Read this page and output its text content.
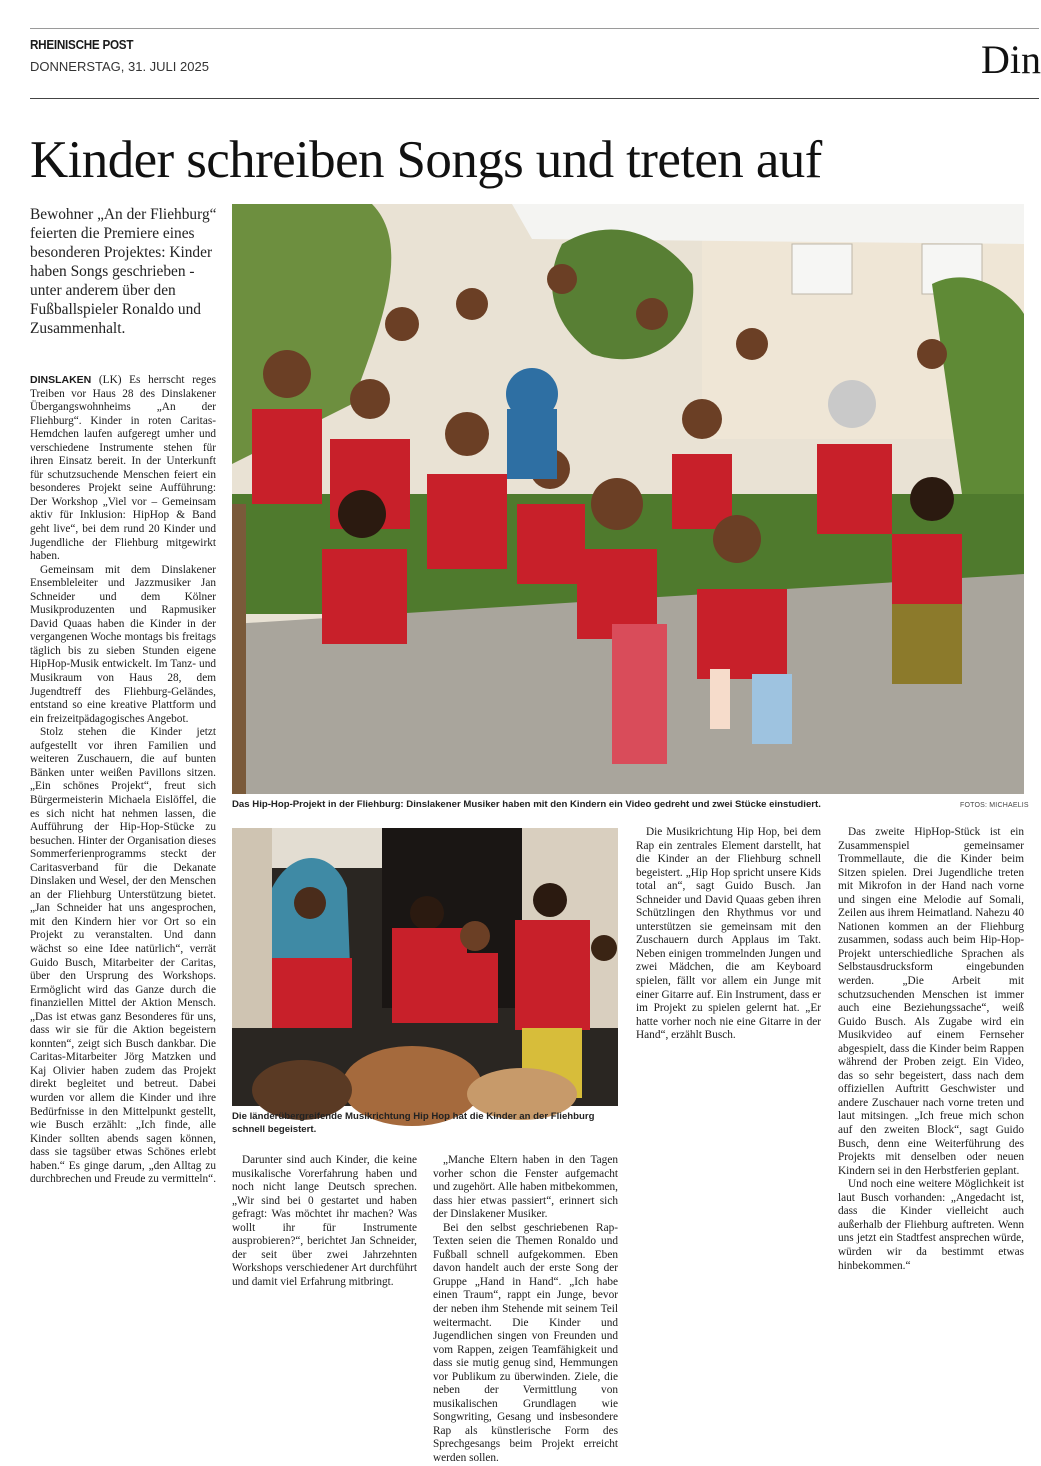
RHEINISCHE POST
DONNERSTAG, 31. JULI 2025	Din
Kinder schreiben Songs und treten auf
Bewohner „An der Fliehburg“ feierten die Premiere eines besonderen Projektes: Kinder haben Songs geschrieben - unter anderem über den Fußballspieler Ronaldo und Zusammenhalt.

DINSLAKEN (LK) Es herrscht reges Treiben vor Haus 28 des Dinslakener Übergangswohnheims „An der Fliehburg“. Kinder in roten Caritas-Hemdchen laufen aufgeregt umher und verschiedene Instrumente stehen für ihren Einsatz bereit. In der Unterkunft für schutzsuchende Menschen feiert ein besonderes Projekt seine Aufführung: Der Workshop „Viel vor – Gemeinsam aktiv für Inklusion: HipHop & Band geht live“, bei dem rund 20 Kinder und Jugendliche der Fliehburg mitgewirkt haben.

Gemeinsam mit dem Dinslakener Ensembleleiter und Jazzmusiker Jan Schneider und dem Kölner Musikproduzenten und Rapmusiker David Quaas haben die Kinder in der vergangenen Woche montags bis freitags täglich bis zu sieben Stunden eigene HipHop-Musik entwickelt. Im Tanz- und Musikraum von Haus 28, dem Jugendtreff des Fliehburg-Geländes, entstand so eine kreative Plattform und ein freizeitpädagogisches Angebot.

Stolz stehen die Kinder jetzt aufgestellt vor ihren Familien und weiteren Zuschauern, die auf bunten Bänken unter weißen Pavillons sitzen. „Ein schönes Projekt“, freut sich Bürgermeisterin Michaela Eislöffel, die es sich nicht hat nehmen lassen, die Aufführung der Hip-Hop-Stücke zu besuchen. Hinter der Organisation dieses Sommerferienprogramms steckt der Caritasverband für die Dekanate Dinslaken und Wesel, der den Menschen an der Fliehburg Unterstützung bietet. „Jan Schneider hat uns angesprochen, mit den Kindern hier vor Ort so ein Projekt zu veranstalten. Und dann wächst so eine Idee natürlich“, verrät Guido Busch, Mitarbeiter der Caritas, über den Ursprung des Workshops. Ermöglicht wird das Ganze durch die finanziellen Mittel der Aktion Mensch. „Das ist etwas ganz Besonderes für uns, dass wir sie für die Aktion begeistern konnten“, zeigt sich Busch dankbar. Die Caritas-Mitarbeiter Jörg Matzken und Kaj Olivier haben zudem das Projekt direkt begleitet und betreut. Dabei wurden vor allem die Kinder und ihre Bedürfnisse in den Mittelpunkt gestellt, wie Busch erzählt: „Ich finde, alle Kinder sollten abends sagen können, dass sie tagsüber etwas Schönes erlebt haben.“ Es ginge darum, „den Alltag zu durchbrechen und Freude zu vermitteln“.

Das Hip-Hop-Projekt in der Fliehburg: Dinslakener Musiker haben mit den Kindern ein Video gedreht und zwei Stücke einstudiert.	FOTOS: MICHAELIS
Die länderübergreifende Musikrichtung Hip Hop hat die Kinder an der Fliehburg schnell begeistert.

Darunter sind auch Kinder, die keine musikalische Vorerfahrung haben und noch nicht lange Deutsch sprechen. „Wir sind bei 0 gestartet und haben gefragt: Was möchtet ihr machen? Was wollt ihr für Instrumente ausprobieren?“, berichtet Jan Schneider, der seit über zwei Jahrzehnten Workshops verschiedener Art durchführt und damit viel Erfahrung mitbringt.

„Manche Eltern haben in den Tagen vorher schon die Fenster aufgemacht und zugehört. Alle haben mitbekommen, dass hier etwas passiert“, erinnert sich der Dinslakener Musiker.

Bei den selbst geschriebenen Rap-Texten seien die Themen Ronaldo und Fußball schnell aufgekommen. Eben davon handelt auch der erste Song der Gruppe „Hand in Hand“. „Ich habe einen Traum“, rappt ein Junge, bevor der neben ihm Stehende mit seinem Teil weitermacht. Die Kinder und Jugendlichen singen von Freunden und vom Rappen, zeigen Teamfähigkeit und dass sie mutig genug sind, Hemmungen vor Publikum zu überwinden. Ziele, die neben der Vermittlung von musikalischen Grundlagen wie Songwriting, Gesang und insbesondere Rap als künstlerische Form des Sprechgesangs beim Projekt erreicht werden sollen.

Die Musikrichtung Hip Hop, bei dem Rap ein zentrales Element darstellt, hat die Kinder an der Fliehburg schnell begeistert. „Hip Hop spricht unsere Kids total an“, sagt Guido Busch. Jan Schneider und David Quaas geben ihren Schützlingen den Rhythmus vor und unterstützen sie gemeinsam mit den Zuschauern durch Applaus im Takt. Neben einigen trommelnden Jungen und zwei Mädchen, die am Keyboard spielen, fällt vor allem ein Junge mit einer Gitarre auf. Ein Instrument, dass er im Projekt zu spielen gelernt hat. „Er hatte vorher noch nie eine Gitarre in der Hand“, erzählt Busch.

Das zweite HipHop-Stück ist ein Zusammenspiel gemeinsamer Trommellaute, die die Kinder beim Sitzen spielen. Drei Jugendliche treten mit Mikrofon in der Hand nach vorne und singen eine Melodie auf Somali, Zeilen aus ihrem Heimatland. Nahezu 40 Nationen kommen an der Fliehburg zusammen, sodass auch beim Hip-Hop-Projekt unterschiedliche Sprachen als Selbstausdrucksform eingebunden werden. „Die Arbeit mit schutzsuchenden Menschen ist immer auch eine Beziehungssache“, weiß Guido Busch. Als Zugabe wird ein Musikvideo auf einem Fernseher abgespielt, dass die Kinder beim Rappen während der Proben zeigt. Ein Video, das so sehr begeistert, dass nach dem offiziellen Auftritt Geschwister und andere Zuschauer nach vorne treten und laut mitsingen. „Ich freue mich schon auf den zweiten Block“, sagt Guido Busch, denn eine Weiterführung des Projekts mit denselben oder neuen Kindern sei in den Herbstferien geplant.

Und noch eine weitere Möglichkeit ist laut Busch vorhanden: „Angedacht ist, dass die Kinder vielleicht auch außerhalb der Fliehburg auftreten. Wenn uns jetzt ein Stadtfest ansprechen würde, würden wir da bestimmt etwas hinbekommen.“
